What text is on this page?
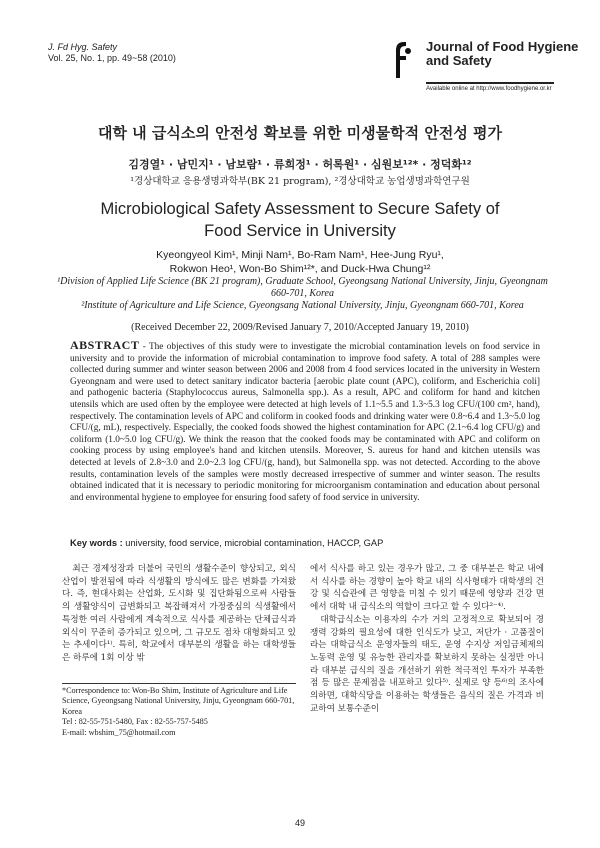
J. Fd Hyg. Safety
Vol. 25, No. 1, pp. 49~58 (2010)
Journal of Food Hygiene
and Safety
Available online at http://www.foodhygiene.or.kr
대학 내 급식소의 안전성 확보를 위한 미생물학적 안전성 평가
김경열¹ · 남민지¹ · 남보람¹ · 류희정¹ · 허록원¹ · 심원보¹²* · 정덕화¹²
¹경상대학교 응용생명과학부(BK 21 program), ²경상대학교 농업생명과학연구원
Microbiological Safety Assessment to Secure Safety of
Food Service in University
Kyeongyeol Kim¹, Minji Nam¹, Bo-Ram Nam¹, Hee-Jung Ryu¹,
Rokwon Heo¹, Won-Bo Shim¹²*, and Duck-Hwa Chung¹²
¹Division of Applied Life Science (BK 21 program), Graduate School, Gyeongsang National University, Jinju, Gyeongnam 660-701, Korea
²Institute of Agriculture and Life Science, Gyeongsang National University, Jinju, Gyeongnam 660-701, Korea
(Received December 22, 2009/Revised January 7, 2010/Accepted January 19, 2010)
ABSTRACT - The objectives of this study were to investigate the microbial contamination levels on food service in university and to provide the information of microbial contamination to improve food safety. A total of 288 samples were collected during summer and winter season between 2006 and 2008 from 4 food services located in the university in Western Gyeongnam and were used to detect sanitary indicator bacteria [aerobic plate count (APC), coliform, and Escherichia coli] and pathogenic bacteria (Staphylococcus aureus, Salmonella spp.). As a result, APC and coliform for hand and kitchen utensils which are used often by the employee were detected at high levels of 1.1~5.5 and 1.3~5.3 log CFU/(100 cm², hand), respectively. The contamination levels of APC and coliform in cooked foods and drinking water were 0.8~6.4 and 1.3~5.0 log CFU/(g, mL), respectively. Especially, the cooked foods showed the highest contamination for APC (2.1~6.4 log CFU/g) and coliform (1.0~5.0 log CFU/g). We think the reason that the cooked foods may be contaminated with APC and coliform on cooking process by using employee's hand and kitchen utensils. Moreover, S. aureus for hand and kitchen utensils was detected at levels of 2.8~3.0 and 2.0~2.3 log CFU/(g, hand), but Salmonella spp. was not detected. According to the above results, contamination levels of the samples were mostly decreased irrespective of summer and winter season. The results obtained indicated that it is necessary to periodic monitoring for microorganism contamination and education about personal and environmental hygiene to employee for ensuring food safety of food service in university.
Key words : university, food service, microbial contamination, HACCP, GAP
최근 경제성장과 더불어 국민의 생활수준이 향상되고, 외식 산업이 발전됨에 따라 식생활의 방식에도 많은 변화를 가져왔다. 즉, 현대사회는 산업화, 도시화 및 집단화됨으로써 사람들의 생활양식이 급변화되고 복잡해져서 가정중심의 식생활에서 특정한 여러 사람에게 계속적으로 식사를 제공하는 단체급식과 외식이 꾸준히 증가되고 있으며, 그 규모도 점차 대형화되고 있는 추세이다¹⁾. 특히, 학교에서 대부분의 생활을 하는 대학생들은 하루에 1회 이상 밖
에서 식사를 하고 있는 경우가 많고, 그 중 대부분은 학교 내에서 식사를 하는 경향이 높아 학교 내의 식사형태가 대학생의 건강 및 식습관에 큰 영향을 미칠 수 있기 때문에 영양과 건강 면에서 대학 내 급식소의 역할이 크다고 할 수 있다²⁻⁴⁾.
대학급식소는 이용자의 수가 거의 고정적으로 확보되어 경쟁력 강화의 필요성에 대한 인식도가 낮고, 저단가 · 고품질이라는 대학급식소 운영자들의 태도, 운영 수지상 저임금체제의 노동력 운영 및 유능한 관리자를 확보하지 못하는 실정만 아니라 대부분 급식의 질을 개선하기 위한 적극적인 투자가 부족한 점 등 많은 문제점을 내포하고 있다⁵⁾. 실제로 양 등⁶⁾의 조사에 의하면, 대학식당을 이용하는 학생들은 음식의 질은 가격과 비교하여 보통수준이
*Correspondence to: Won-Bo Shim, Institute of Agriculture and Life Science, Gyeongsang National University, Jinju, Gyeongnam 660-701, Korea
Tel : 82-55-751-5480, Fax : 82-55-757-5485
E-mail: wbshim_75@hotmail.com
49
